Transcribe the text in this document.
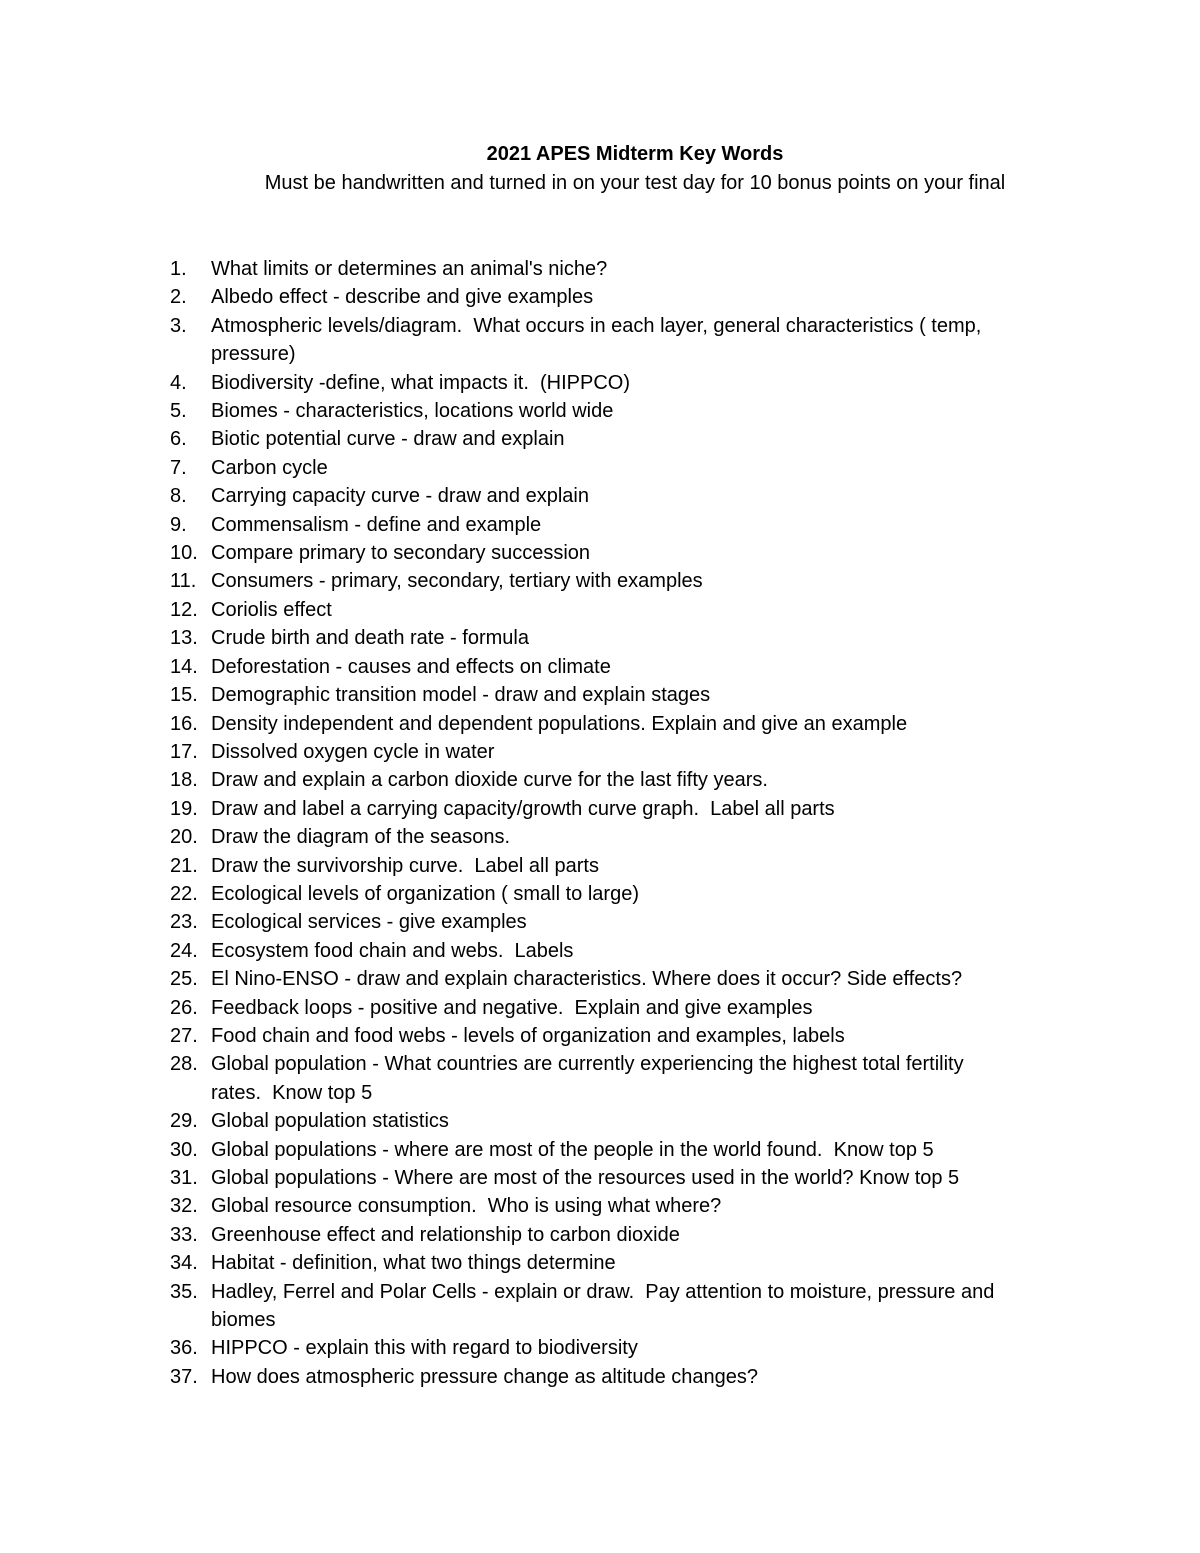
2021 APES Midterm Key Words
Must be handwritten and turned in on your test day for 10 bonus points on your final
1.	What limits or determines an animal's niche?
2.	Albedo effect - describe and give examples
3.	Atmospheric levels/diagram.  What occurs in each layer, general characteristics ( temp,
pressure)
4.	Biodiversity -define, what impacts it.  (HIPPCO)
5.	Biomes - characteristics, locations world wide
6.	Biotic potential curve - draw and explain
7.	Carbon cycle
8.	Carrying capacity curve - draw and explain
9.	Commensalism - define and example
10. Compare primary to secondary succession
11. Consumers - primary, secondary, tertiary with examples
12. Coriolis effect
13. Crude birth and death rate - formula
14. Deforestation - causes and effects on climate
15. Demographic transition model - draw and explain stages
16. Density independent and dependent populations. Explain and give an example
17. Dissolved oxygen cycle in water
18. Draw and explain a carbon dioxide curve for the last fifty years.
19. Draw and label a carrying capacity/growth curve graph.  Label all parts
20. Draw the diagram of the seasons.
21. Draw the survivorship curve.  Label all parts
22. Ecological levels of organization ( small to large)
23. Ecological services - give examples
24. Ecosystem food chain and webs.  Labels
25. El Nino-ENSO - draw and explain characteristics. Where does it occur? Side effects?
26. Feedback loops - positive and negative.  Explain and give examples
27. Food chain and food webs - levels of organization and examples, labels
28. Global population - What countries are currently experiencing the highest total fertility
rates.  Know top 5
29. Global population statistics
30. Global populations - where are most of the people in the world found.  Know top 5
31. Global populations - Where are most of the resources used in the world? Know top 5
32. Global resource consumption.  Who is using what where?
33. Greenhouse effect and relationship to carbon dioxide
34. Habitat - definition, what two things determine
35. Hadley, Ferrel and Polar Cells - explain or draw.  Pay attention to moisture, pressure and
biomes
36. HIPPCO - explain this with regard to biodiversity
37. How does atmospheric pressure change as altitude changes?
